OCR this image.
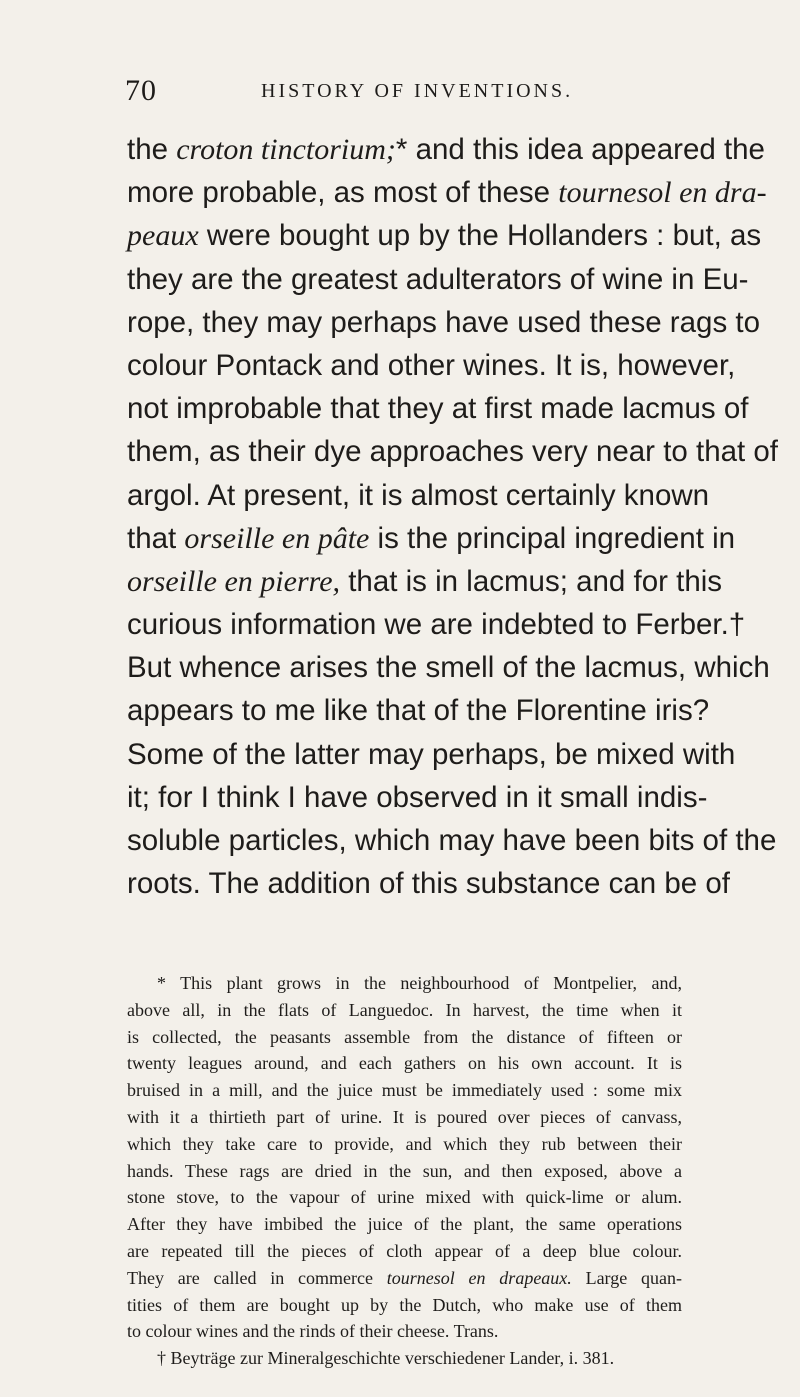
70	HISTORY OF INVENTIONS.
the croton tinctorium;* and this idea appeared the
more probable, as most of these tournesol en dra-
peaux were bought up by the Hollanders : but, as
they are the greatest adulterators of wine in Eu-
rope, they may perhaps have used these rags to
colour Pontack and other wines. It is, however,
not improbable that they at first made lacmus of
them, as their dye approaches very near to that of
argol. At present, it is almost certainly known
that orseille en pâte is the principal ingredient in
orseille en pierre, that is in lacmus; and for this
curious information we are indebted to Ferber.†
But whence arises the smell of the lacmus, which
appears to me like that of the Florentine iris?
Some of the latter may perhaps, be mixed with
it; for I think I have observed in it small indis-
soluble particles, which may have been bits of the
roots. The addition of this substance can be of
* This plant grows in the neighbourhood of Montpelier, and,
above all, in the flats of Languedoc. In harvest, the time when it
is collected, the peasants assemble from the distance of fifteen or
twenty leagues around, and each gathers on his own account. It is
bruised in a mill, and the juice must be immediately used : some mix
with it a thirtieth part of urine. It is poured over pieces of canvass,
which they take care to provide, and which they rub between their
hands. These rags are dried in the sun, and then exposed, above a
stone stove, to the vapour of urine mixed with quick-lime or alum.
After they have imbibed the juice of the plant, the same operations
are repeated till the pieces of cloth appear of a deep blue colour.
They are called in commerce tournesol en drapeaux. Large quan-
tities of them are bought up by the Dutch, who make use of them
to colour wines and the rinds of their cheese. Trans.
† Beyträge zur Mineralgeschichte verschiedener Lander, i. 381.
